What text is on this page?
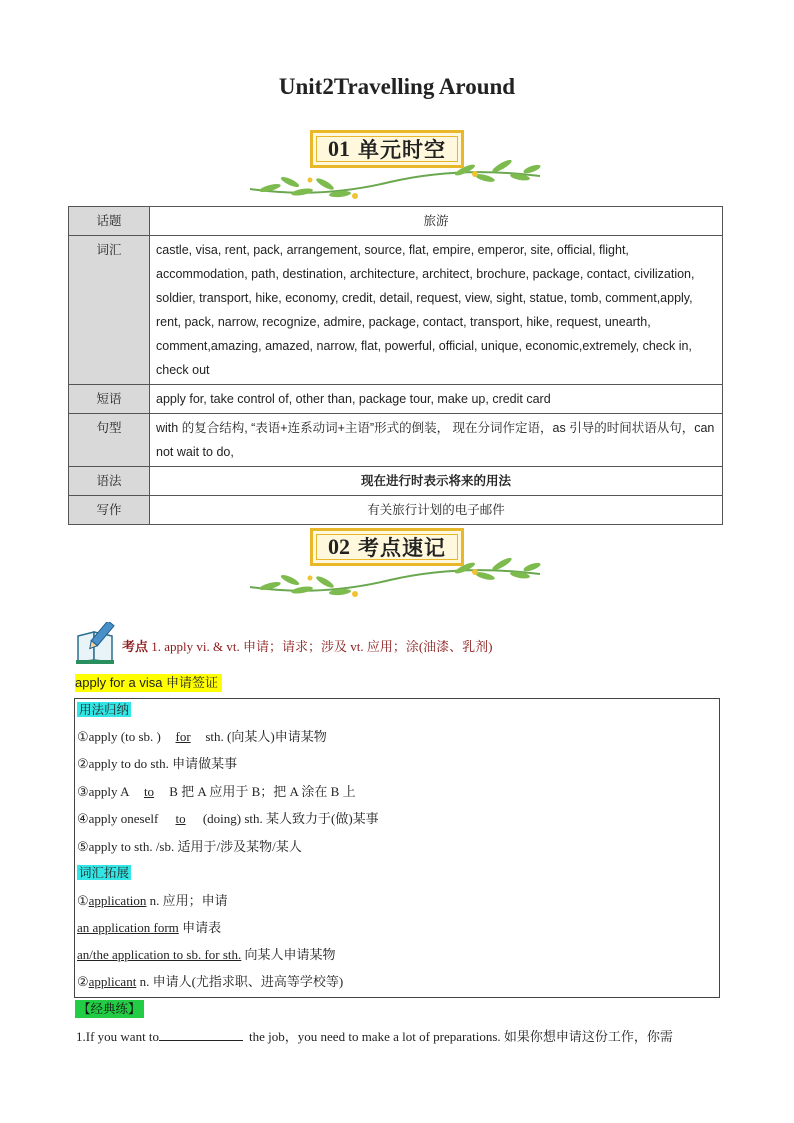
Unit2Travelling Around
01 单元时空
话题	旅游
词汇	castle, visa, rent, pack, arrangement, source, flat, empire, emperor, site, official, flight, accommodation, path, destination, architecture, architect, brochure, package, contact, civilization, soldier, transport, hike, economy, credit, detail, request, view, sight, statue, tomb, comment,apply, rent, pack, narrow, recognize, admire, package, contact, transport, hike, request, unearth, comment,amazing, amazed, narrow, flat, powerful, official, unique, economic,extremely, check in, check out
短语	apply for, take control of, other than, package tour, make up, credit card
句型	with 的复合结构, “表语+连系动词+主语”形式的倒装， 现在分词作定语，as 引导的时间状语从句，can not wait to do,
语法	现在进行时表示将来的用法
写作	有关旅行计划的电子邮件
02 考点速记
考点 1. apply vi. & vt. 申请；请求；涉及 vt. 应用；涂(油漆、乳剂)
apply for a visa 申请签证
用法归纳
①apply (to sb. ) for sth. (向某人)申请某物
②apply to do sth. 申请做某事
③apply A to B 把 A 应用于 B；把 A 涂在 B 上
④apply oneself to (doing) sth. 某人致力于(做)某事
⑤apply to sth. /sb. 适用于/涉及某物/某人
词汇拓展
①application n. 应用；申请
an application form 申请表
an/the application to sb. for sth. 向某人申请某物
②applicant n. 申请人(尤指求职、进高等学校等)
【经典练】
1.If you want to	the job，you need to make a lot of preparations. 如果你想申请这份工作，你需
